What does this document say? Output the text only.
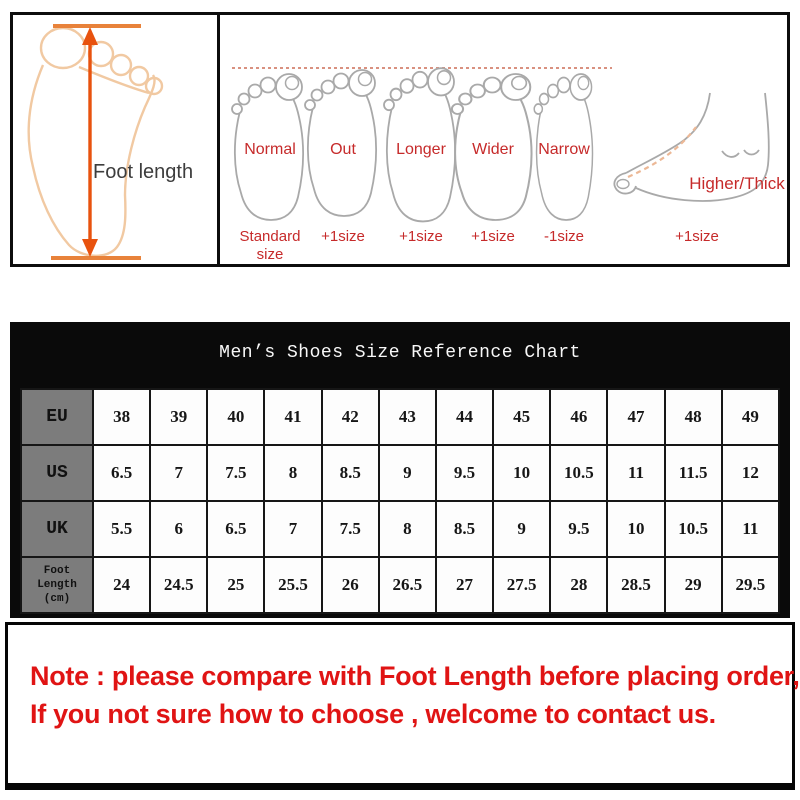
Foot length
Normal	Out	Longer	Wider	Narrow
Standard size
+1size	+1size	+1size	-1size
Higher/Thick
+1size
Men’s Shoes Size Reference Chart
EU	38	39	40	41	42	43	44	45	46	47	48	49
US	6.5	7	7.5	8	8.5	9	9.5	10	10.5	11	11.5	12
UK	5.5	6	6.5	7	7.5	8	8.5	9	9.5	10	10.5	11
Foot Length (cm)	24	24.5	25	25.5	26	26.5	27	27.5	28	28.5	29	29.5
Note : please compare with Foot Length before placing order,
If you not sure how to choose , welcome to contact us.
